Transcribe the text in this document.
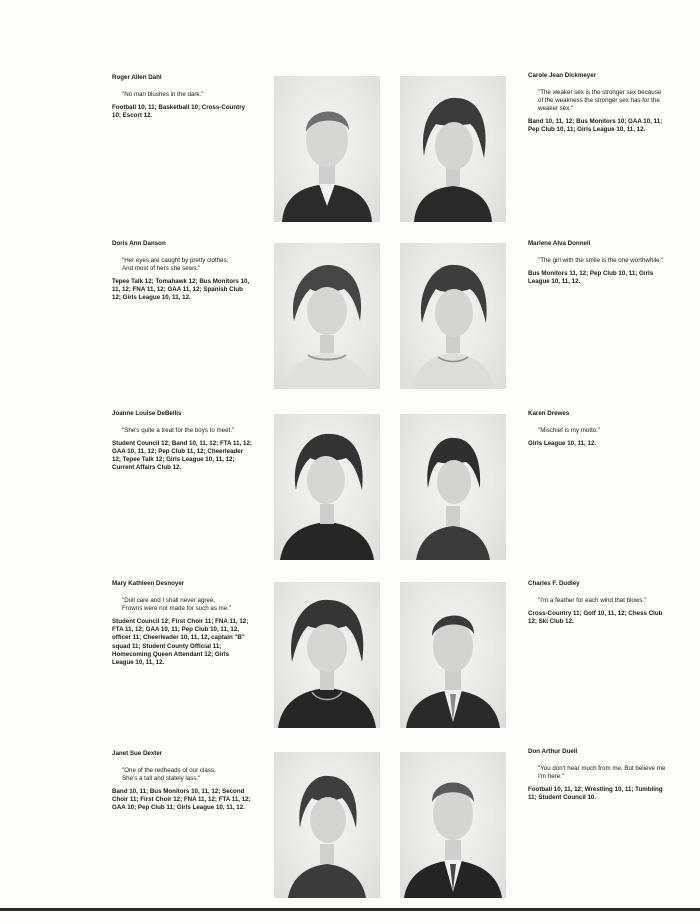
Roger Allen Dahl

"No man blushes in the dark."

Football 10, 11; Basketball 10; Cross-Country 10; Escort 12.

Carole Jean Dickmeyer

"The weaker sex is the stronger sex because of the weakness the stronger sex has for the weaker sex."

Band 10, 11, 12; Bus Monitors 10; GAA 10, 11; Pep Club 10, 11; Girls League 10, 11, 12.

Doris Ann Danson

"Her eyes are caught by pretty clothes,
And most of hers she sews."

Tepee Talk 12; Tomahawk 12; Bus Monitors 10, 11, 12; FNA 11, 12; GAA 11, 12; Spanish Club 12; Girls League 10, 11, 12.

Marlene Alva Donnell

"The girl with the smile is the one worthwhile."

Bus Monitors 11, 12; Pep Club 10, 11; Girls League 10, 11, 12.

Joanne Louise DeBellis

"She's quite a treat for the boys to meet."

Student Council 12; Band 10, 11, 12; FTA 11, 12; GAA 10, 11, 12; Pep Club 11, 12; Cheerleader 12; Tepee Talk 12; Girls League 10, 11, 12; Current Affairs Club 12.

Karen Drewes

"Mischief is my motto."

Girls League 10, 11, 12.

Mary Kathleen Desnoyer

"Dull care and I shall never agree,
Frowns were not made for such as me."

Student Council 12; First Choir 11; FNA 11, 12; FTA 11, 12; GAA 10, 11; Pep Club 10, 11, 12, officer 11; Cheerleader 10, 11, 12, captain "B" squad 11; Student County Official 11; Homecoming Queen Attendant 12; Girls League 10, 11, 12.

Charles F. Dudley

"I'm a feather for each wind that blows."

Cross-Country 11; Golf 10, 11, 12; Chess Club 12; Ski Club 12.

Janet Sue Dexter

"One of the redheads of our class,
She's a tall and stately lass."

Band 10, 11; Bus Monitors 10, 11, 12; Second Choir 11; First Choir 12; FNA 11, 12; FTA 11, 12; GAA 10; Pep Club 11; Girls League 10, 11, 12.

Don Arthur Duell

"You don't hear much from me, But believe me I'm here."

Football 10, 11, 12; Wrestling 10, 11; Tumbling 11; Student Council 10.
